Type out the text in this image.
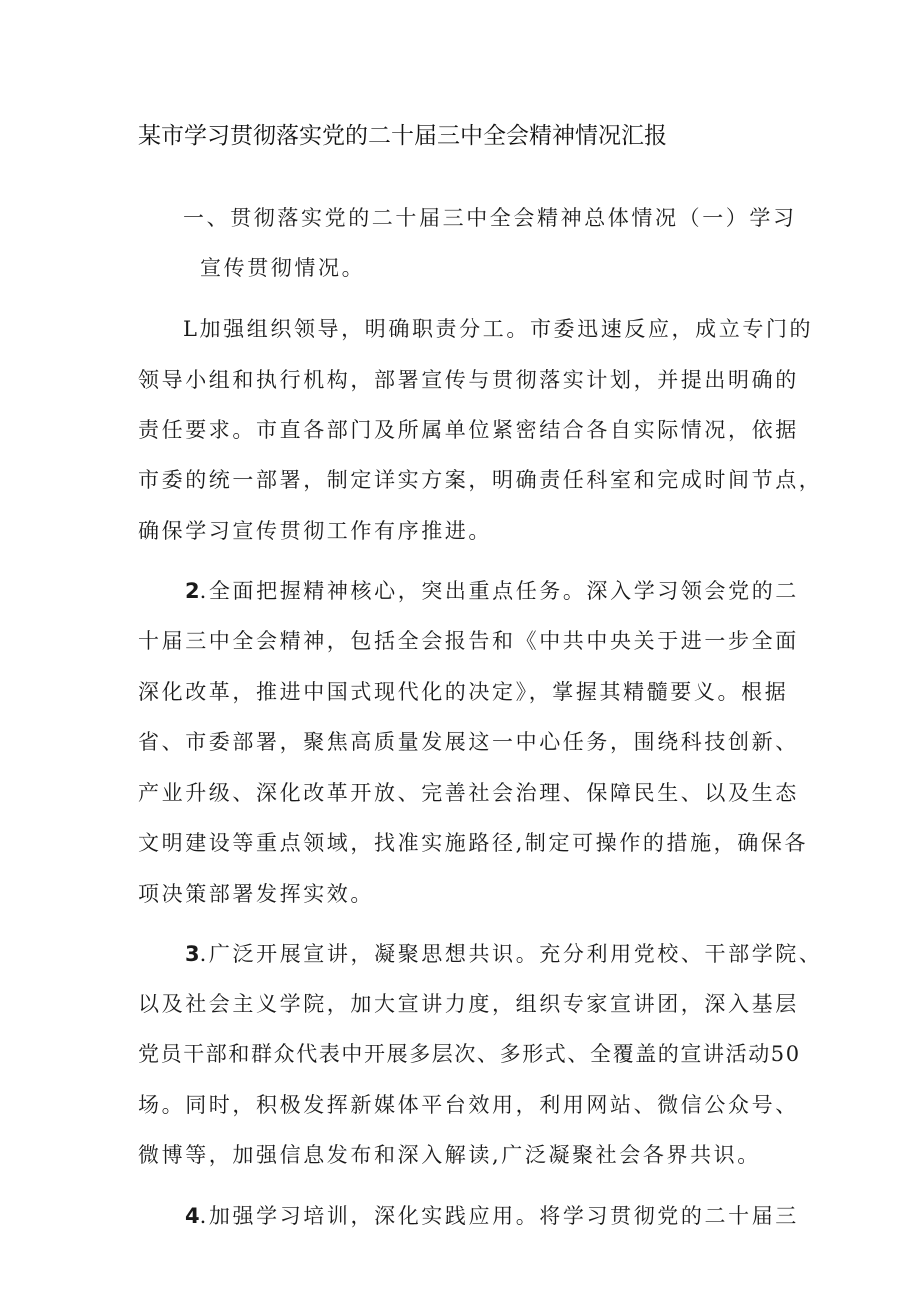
某市学习贯彻落实党的二十届三中全会精神情况汇报
一、贯彻落实党的二十届三中全会精神总体情况（一）学习
宣传贯彻情况。
L加强组织领导，明确职责分工。市委迅速反应，成立专门的
领导小组和执行机构，部署宣传与贯彻落实计划，并提出明确的
责任要求。市直各部门及所属单位紧密结合各自实际情况，依据
市委的统一部署，制定详实方案，明确责任科室和完成时间节点，
确保学习宣传贯彻工作有序推进。
2.全面把握精神核心，突出重点任务。深入学习领会党的二
十届三中全会精神，包括全会报告和《中共中央关于进一步全面
深化改革，推进中国式现代化的决定》，掌握其精髓要义。根据
省、市委部署，聚焦高质量发展这一中心任务，围绕科技创新、
产业升级、深化改革开放、完善社会治理、保障民生、以及生态
文明建设等重点领域，找准实施路径,制定可操作的措施，确保各
项决策部署发挥实效。
3.广泛开展宣讲，凝聚思想共识。充分利用党校、干部学院、
以及社会主义学院，加大宣讲力度，组织专家宣讲团，深入基层
党员干部和群众代表中开展多层次、多形式、全覆盖的宣讲活动50
场。同时，积极发挥新媒体平台效用，利用网站、微信公众号、
微博等，加强信息发布和深入解读,广泛凝聚社会各界共识。
4.加强学习培训，深化实践应用。将学习贯彻党的二十届三
